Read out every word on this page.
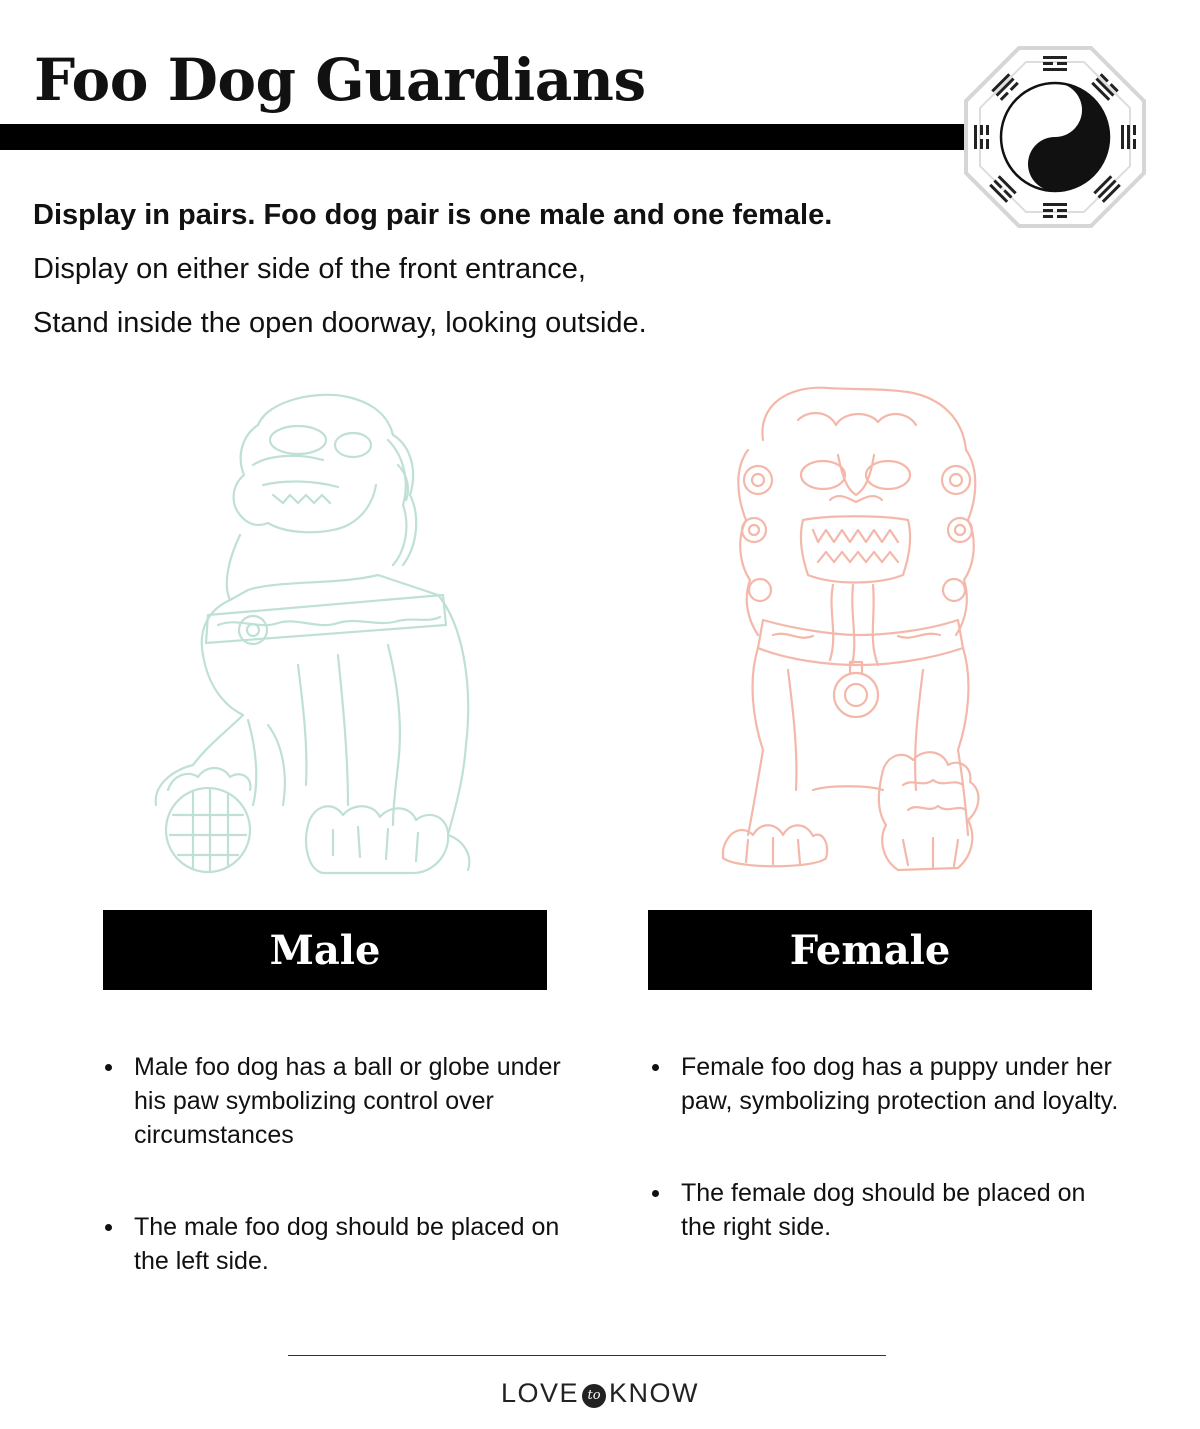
Foo Dog Guardians

Display in pairs. Foo dog pair is one male and one female.

Display on either side of the front entrance,

Stand inside the open doorway, looking outside.

Male	Female
Male foo dog has a ball or globe under his paw symbolizing control over circumstances
The male foo dog should be placed on the left side.
Female foo dog has a puppy under her paw, symbolizing protection and loyalty.
The female dog should be placed on the right side.
LOVE to KNOW
